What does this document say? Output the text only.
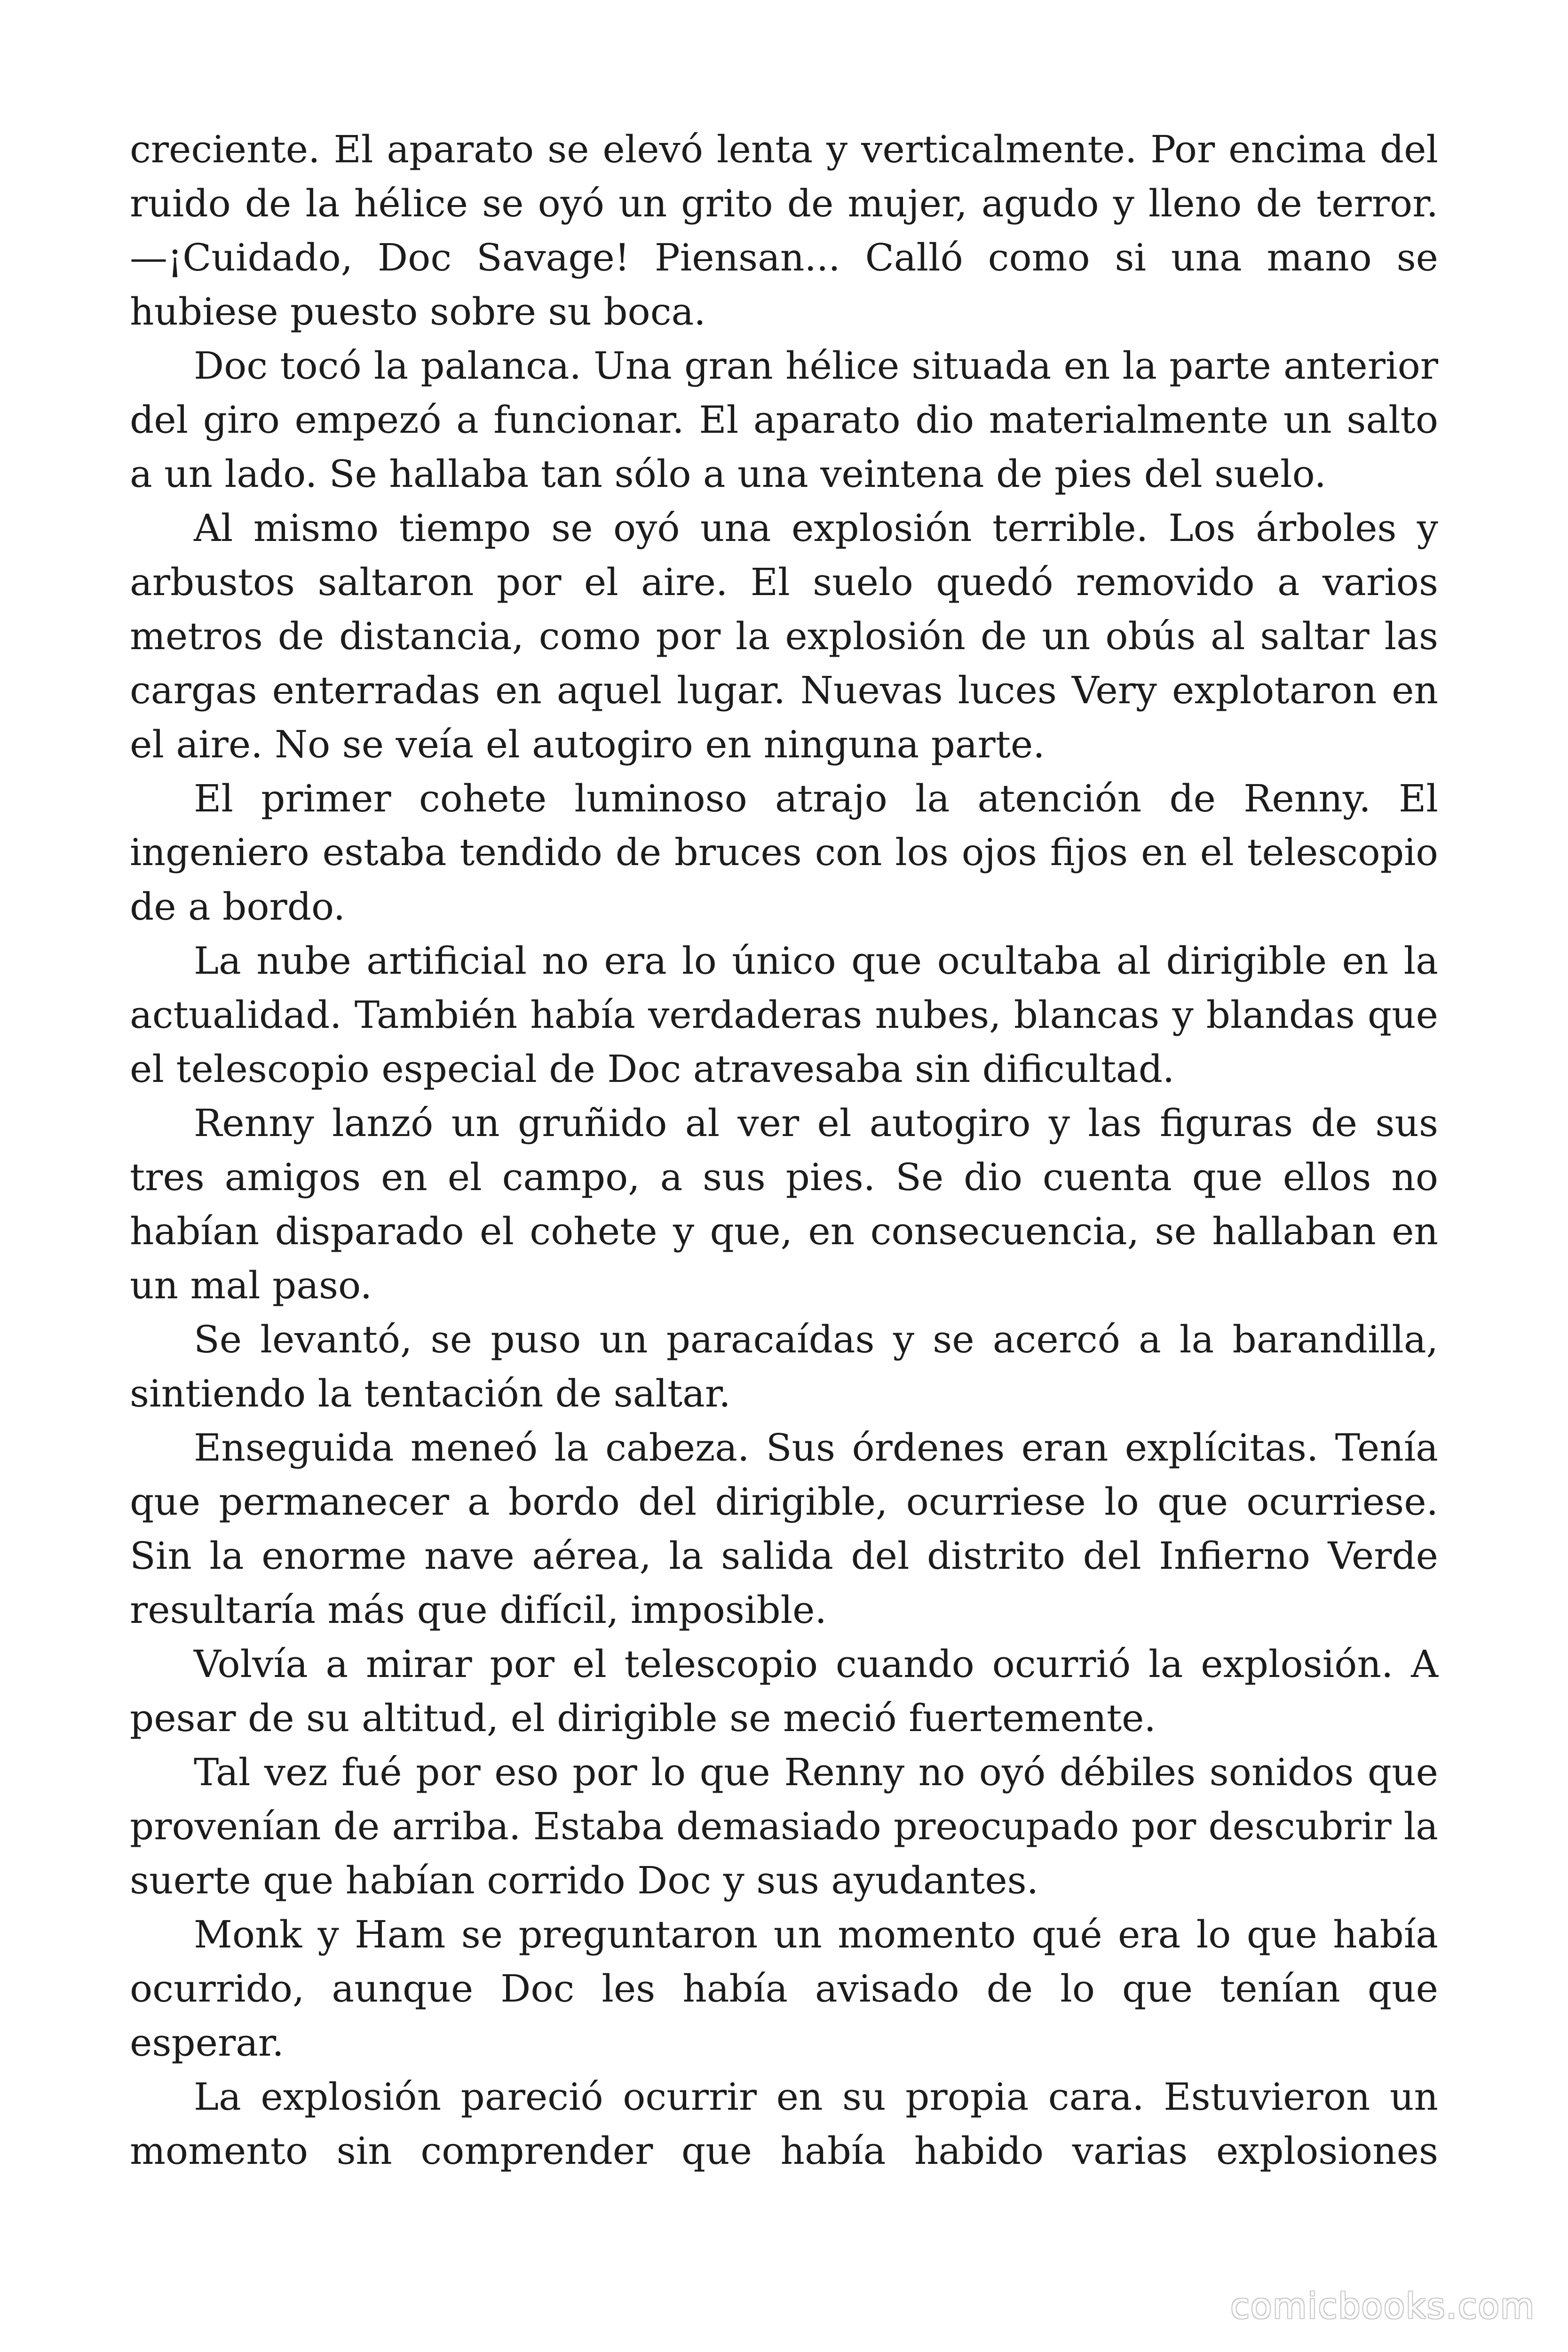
creciente. El aparato se elevó lenta y verticalmente. Por encima del
ruido de la hélice se oyó un grito de mujer, agudo y lleno de terror.
—¡Cuidado, Doc Savage! Piensan... Calló como si una mano se
hubiese puesto sobre su boca.
Doc tocó la palanca. Una gran hélice situada en la parte anterior
del giro empezó a funcionar. El aparato dio materialmente un salto
a un lado. Se hallaba tan sólo a una veintena de pies del suelo.
Al mismo tiempo se oyó una explosión terrible. Los árboles y
arbustos saltaron por el aire. El suelo quedó removido a varios
metros de distancia, como por la explosión de un obús al saltar las
cargas enterradas en aquel lugar. Nuevas luces Very explotaron en
el aire. No se veía el autogiro en ninguna parte.
El primer cohete luminoso atrajo la atención de Renny. El
ingeniero estaba tendido de bruces con los ojos fijos en el telescopio
de a bordo.
La nube artificial no era lo único que ocultaba al dirigible en la
actualidad. También había verdaderas nubes, blancas y blandas que
el telescopio especial de Doc atravesaba sin dificultad.
Renny lanzó un gruñido al ver el autogiro y las figuras de sus
tres amigos en el campo, a sus pies. Se dio cuenta que ellos no
habían disparado el cohete y que, en consecuencia, se hallaban en
un mal paso.
Se levantó, se puso un paracaídas y se acercó a la barandilla,
sintiendo la tentación de saltar.
Enseguida meneó la cabeza. Sus órdenes eran explícitas. Tenía
que permanecer a bordo del dirigible, ocurriese lo que ocurriese.
Sin la enorme nave aérea, la salida del distrito del Infierno Verde
resultaría más que difícil, imposible.
Volvía a mirar por el telescopio cuando ocurrió la explosión. A
pesar de su altitud, el dirigible se meció fuertemente.
Tal vez fué por eso por lo que Renny no oyó débiles sonidos que
provenían de arriba. Estaba demasiado preocupado por descubrir la
suerte que habían corrido Doc y sus ayudantes.
Monk y Ham se preguntaron un momento qué era lo que había
ocurrido, aunque Doc les había avisado de lo que tenían que
esperar.
La explosión pareció ocurrir en su propia cara. Estuvieron un
momento sin comprender que había habido varias explosiones
comicbooks.com
